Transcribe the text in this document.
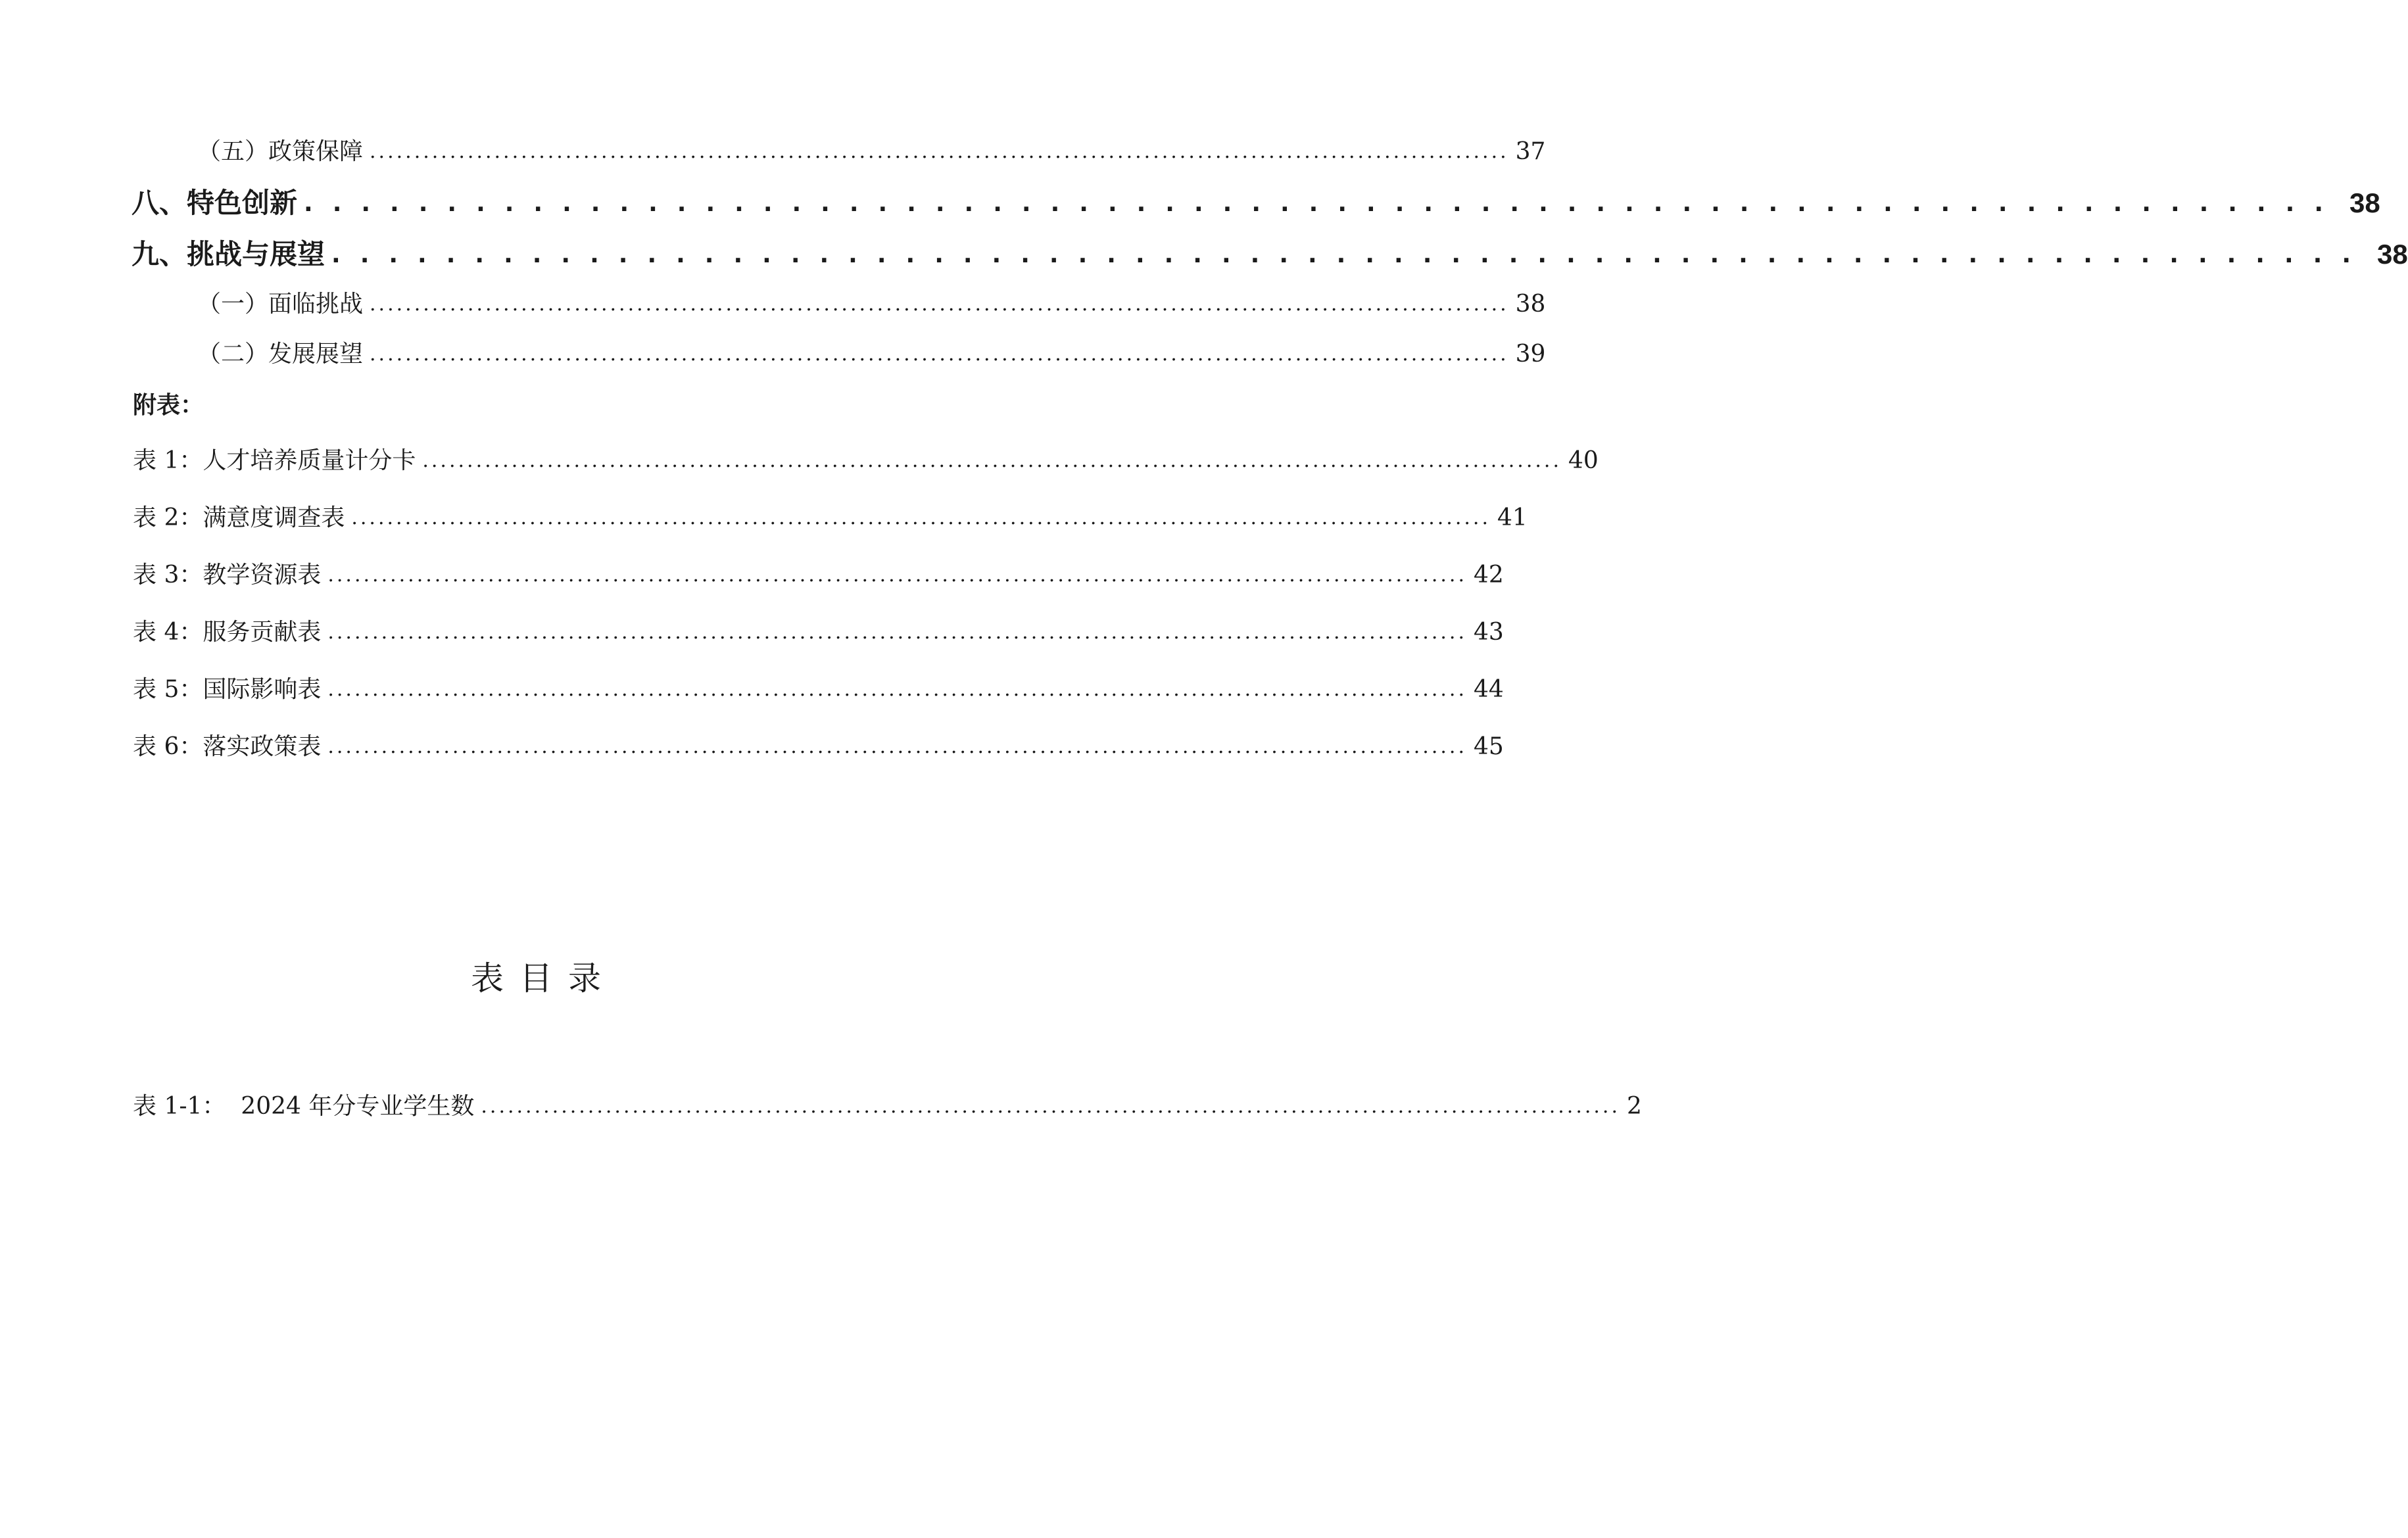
（五）政策保障 ................................................................................................................................ 37
八、特色创新 ....................................................................... 38
九、挑战与展望 ....................................................................... 38
（一）面临挑战 ................................................................................................................................ 38
（二）发展展望 ................................................................................................................................ 39
附表：
表 1：人才培养质量计分卡 ................................................................................................................................ 40
表 2：满意度调查表 ................................................................................................................................ 41
表 3：教学资源表 ................................................................................................................................ 42
表 4：服务贡献表 ................................................................................................................................ 43
表 5：国际影响表 ................................................................................................................................ 44
表 6：落实政策表 ................................................................................................................................ 45
表目录
表 1-1：  2024 年分专业学生数 ................................................................................................................................ 2
